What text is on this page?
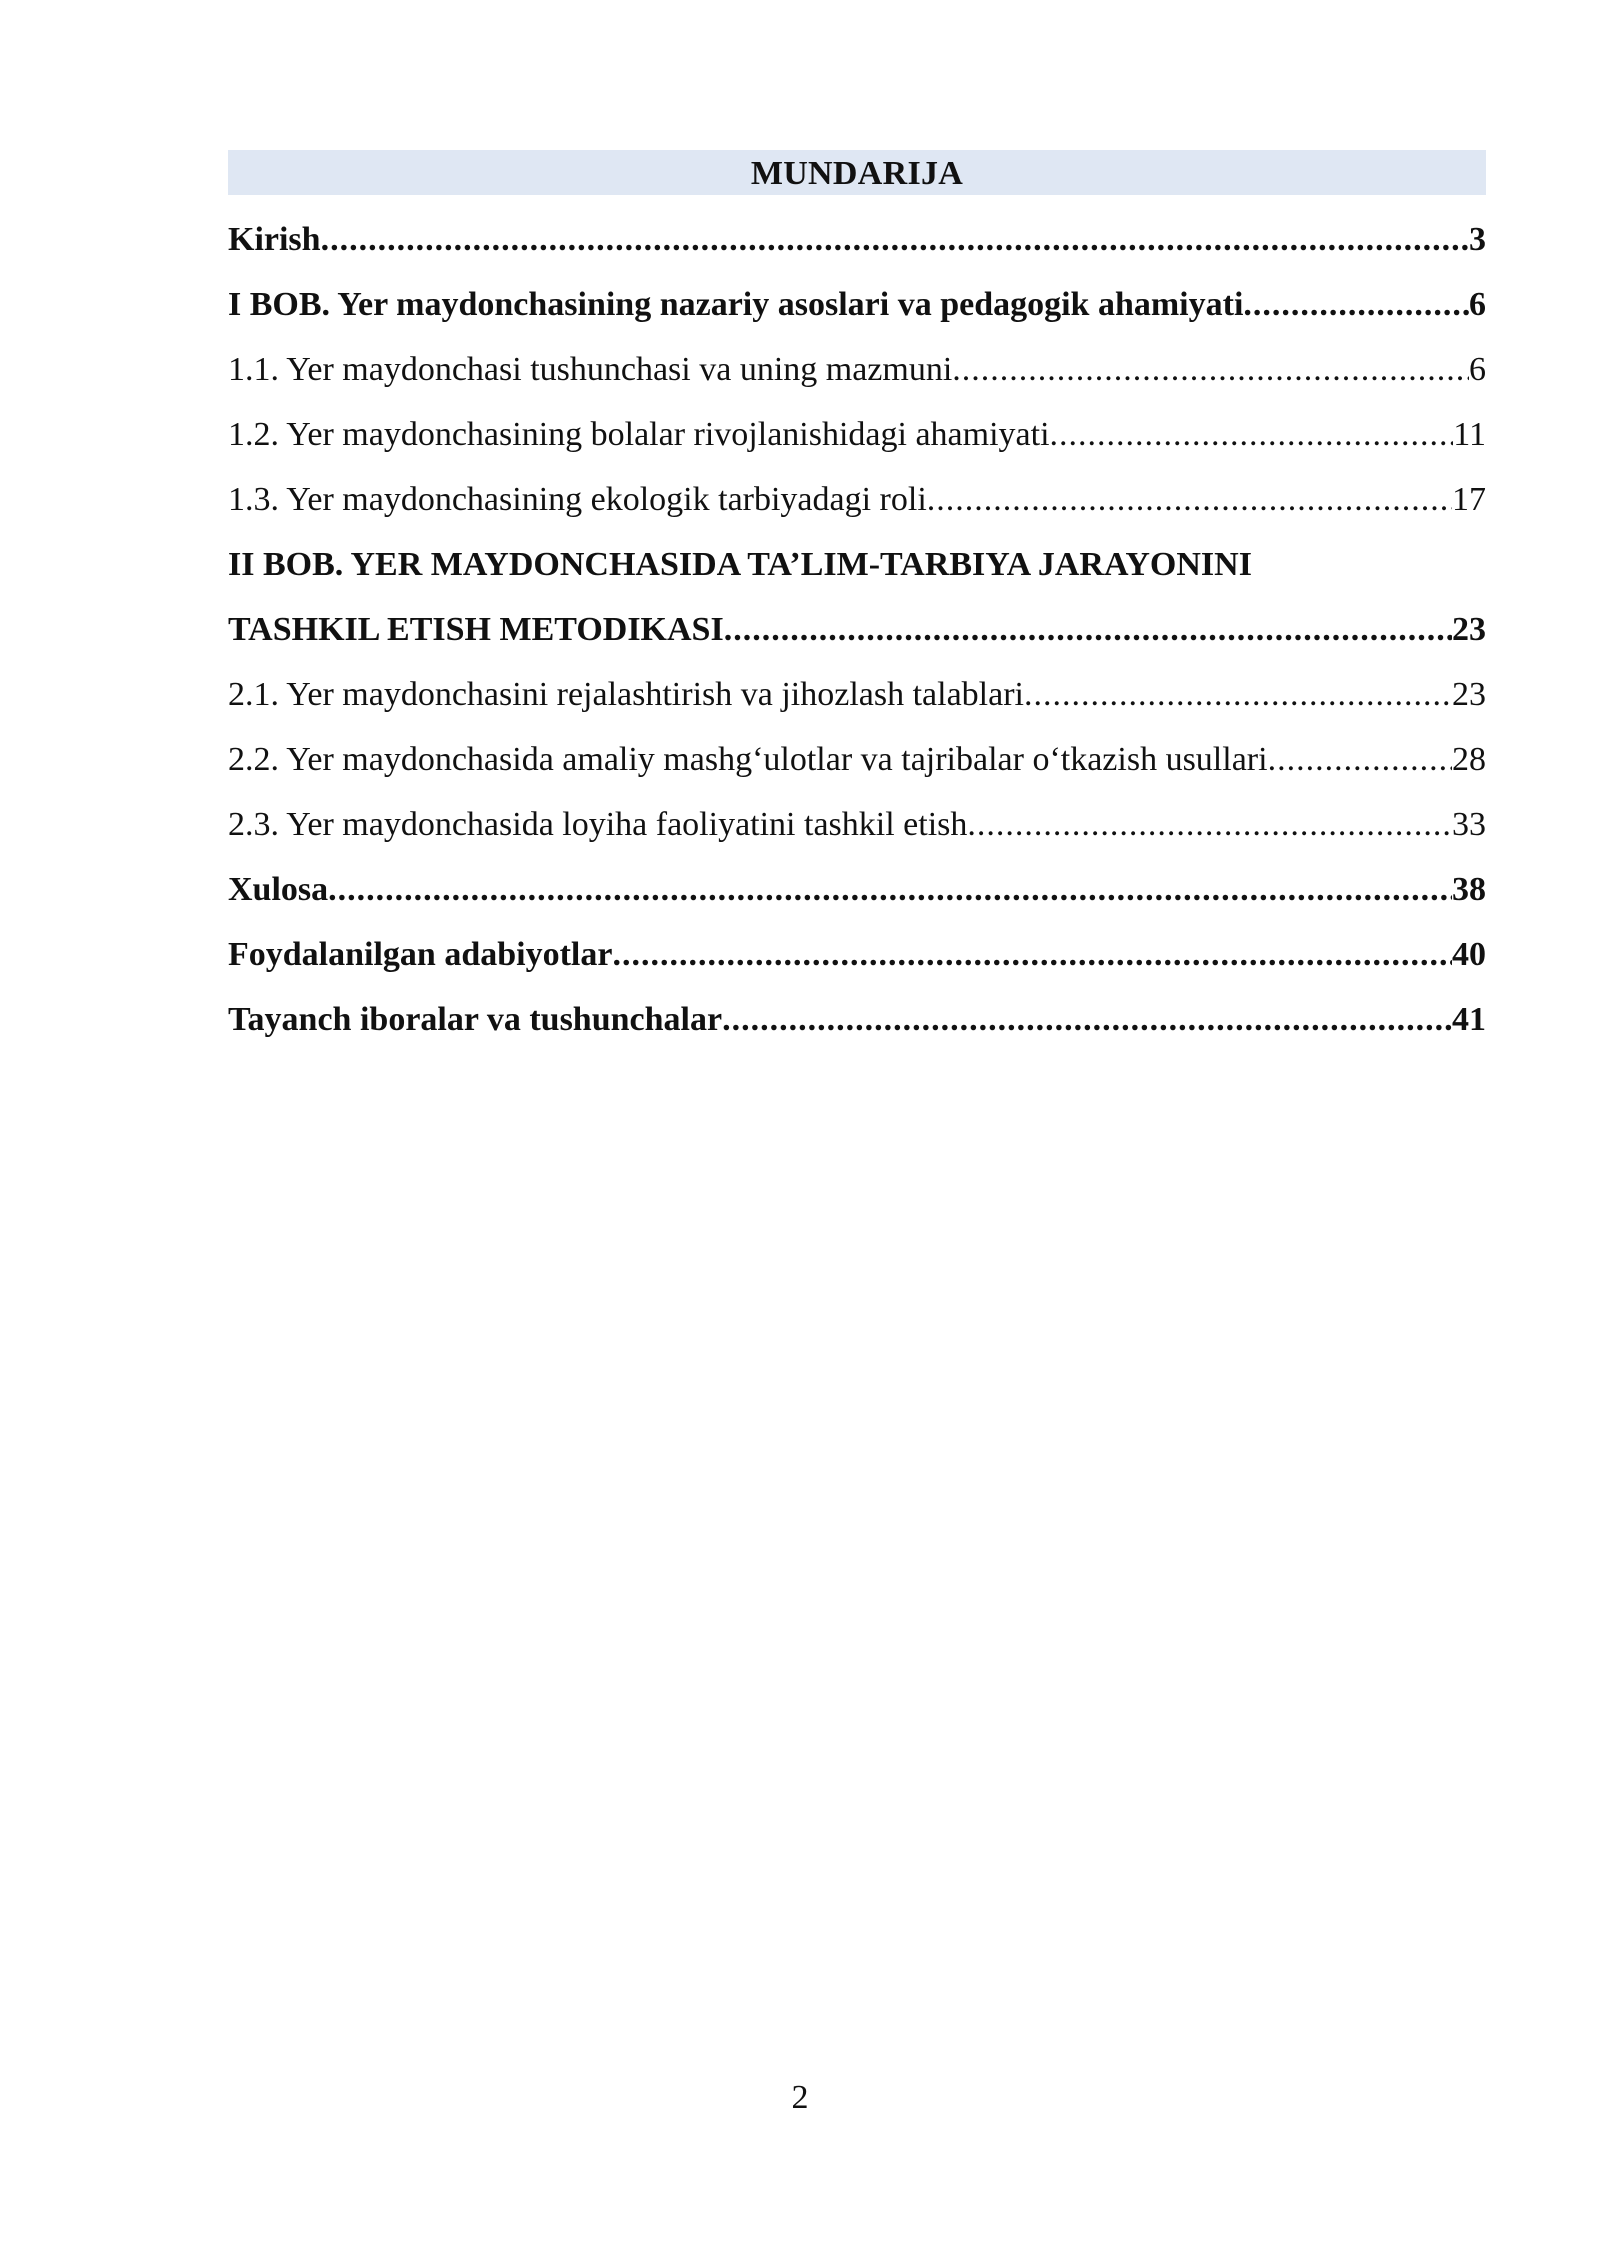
MUNDARIJA
Kirish .....	3
I BOB. Yer maydonchasining nazariy asoslari va pedagogik ahamiyati .....	6
1.1. Yer maydonchasi tushunchasi va uning mazmuni .....	6
1.2. Yer maydonchasining bolalar rivojlanishidagi ahamiyati .....	11
1.3. Yer maydonchasining ekologik tarbiyadagi roli .....	17
II BOB. YER MAYDONCHASIDA TA’LIM-TARBIYA JARAYONINI
TASHKIL ETISH METODIKASI .....	23
2.1. Yer maydonchasini rejalashtirish va jihozlash talablari .....	23
2.2. Yer maydonchasida amaliy mashg‘ulotlar va tajribalar o‘tkazish usullari .....	28
2.3. Yer maydonchasida loyiha faoliyatini tashkil etish .....	33
Xulosa .....	38
Foydalanilgan adabiyotlar .....	40
Tayanch iboralar va tushunchalar .....	41
2
